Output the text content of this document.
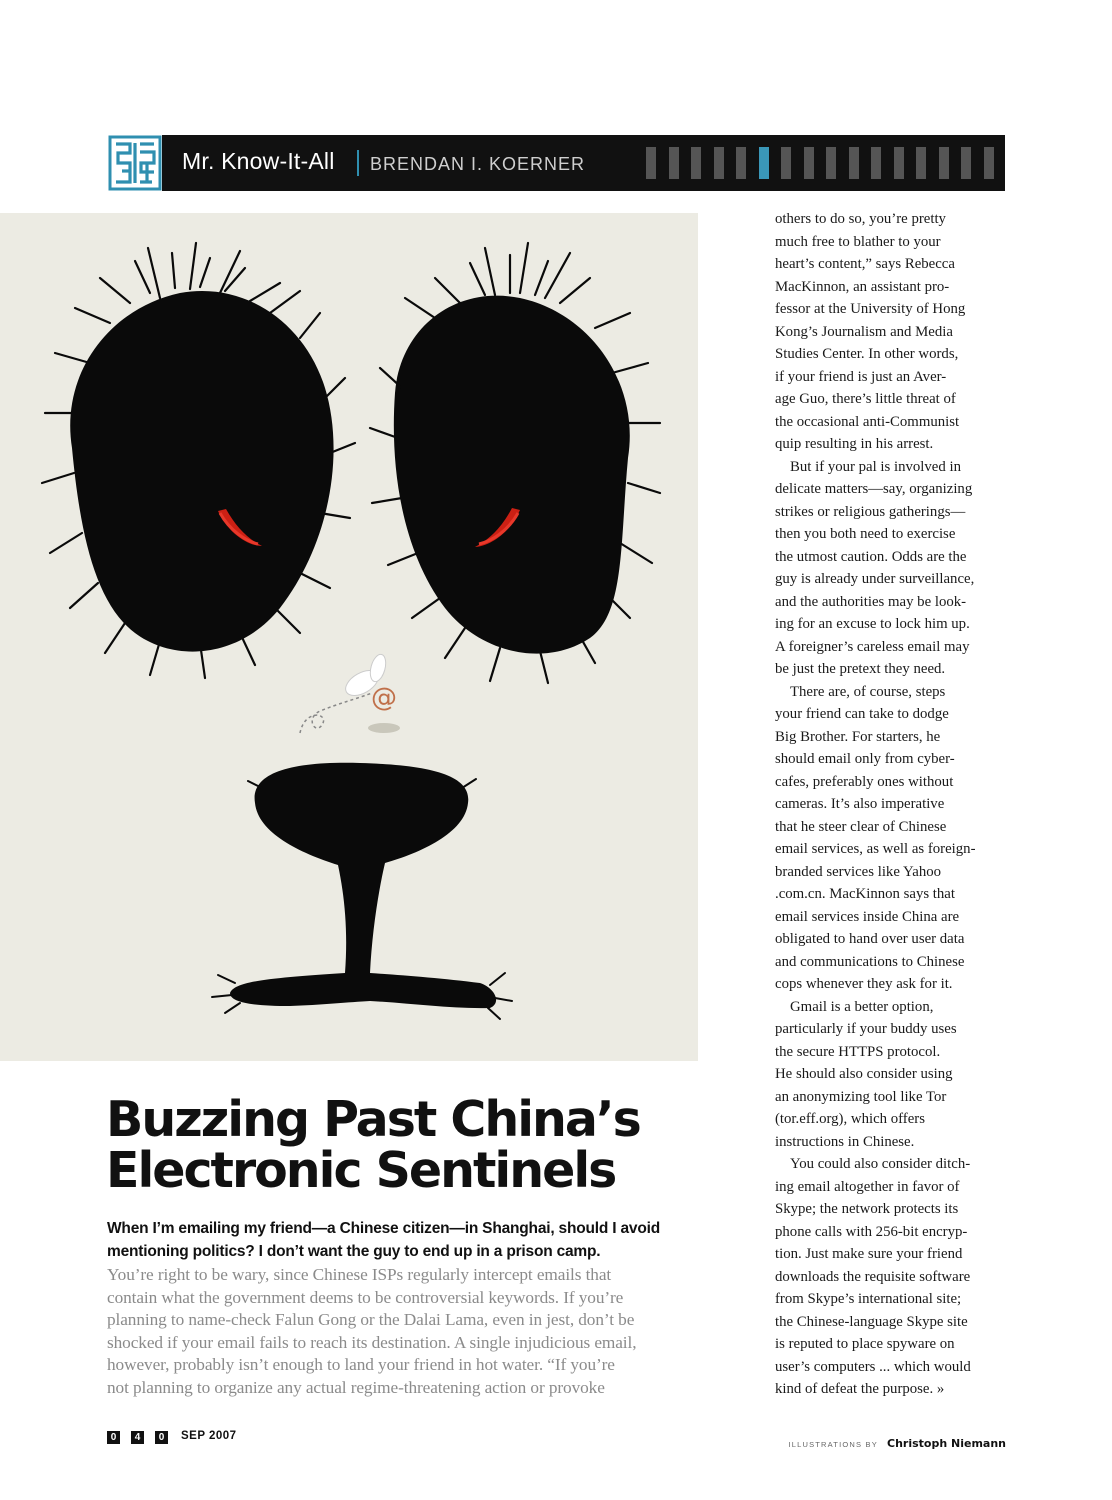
Mr. Know-It-All BRENDAN I. KOERNER
@
Buzzing Past China’s
Electronic Sentinels

When I’m emailing my friend—a Chinese citizen—in Shanghai, should I avoid
mentioning politics? I don’t want the guy to end up in a prison camp.

You’re right to be wary, since Chinese ISPs regularly intercept emails that
contain what the government deems to be controversial keywords. If you’re
planning to name-check Falun Gong or the Dalai Lama, even in jest, don’t be
shocked if your email fails to reach its destination. A single injudicious email,
however, probably isn’t enough to land your friend in hot water. “If you’re
not planning to organize any actual regime-threatening action or provoke

others to do so, you’re pretty
much free to blather to your
heart’s content,” says Rebecca
MacKinnon, an assistant pro-
fessor at the University of Hong
Kong’s Journalism and Media
Studies Center. In other words,
if your friend is just an Aver-
age Guo, there’s little threat of
the occasional anti-Communist
quip resulting in his arrest.
But if your pal is involved in
delicate matters—say, organizing
strikes or religious gatherings—
then you both need to exercise
the utmost caution. Odds are the
guy is already under surveillance,
and the authorities may be look-
ing for an excuse to lock him up.
A foreigner’s careless email may
be just the pretext they need.
There are, of course, steps
your friend can take to dodge
Big Brother. For starters, he
should email only from cyber-
cafes, preferably ones without
cameras. It’s also imperative
that he steer clear of Chinese
email services, as well as foreign-
branded services like Yahoo
.com.cn. MacKinnon says that
email services inside China are
obligated to hand over user data
and communications to Chinese
cops whenever they ask for it.
Gmail is a better option,
particularly if your buddy uses
the secure HTTPS protocol.
He should also consider using
an anonymizing tool like Tor
(tor.eff.org), which offers
instructions in Chinese.
You could also consider ditch-
ing email altogether in favor of
Skype; the network protects its
phone calls with 256-bit encryp-
tion. Just make sure your friend
downloads the requisite software
from Skype’s international site;
the Chinese-language Skype site
is reputed to place spyware on
user’s computers ... which would
kind of defeat the purpose. »
0	4	0	SEP 2007
ILLUSTRATIONS BY Christoph Niemann
